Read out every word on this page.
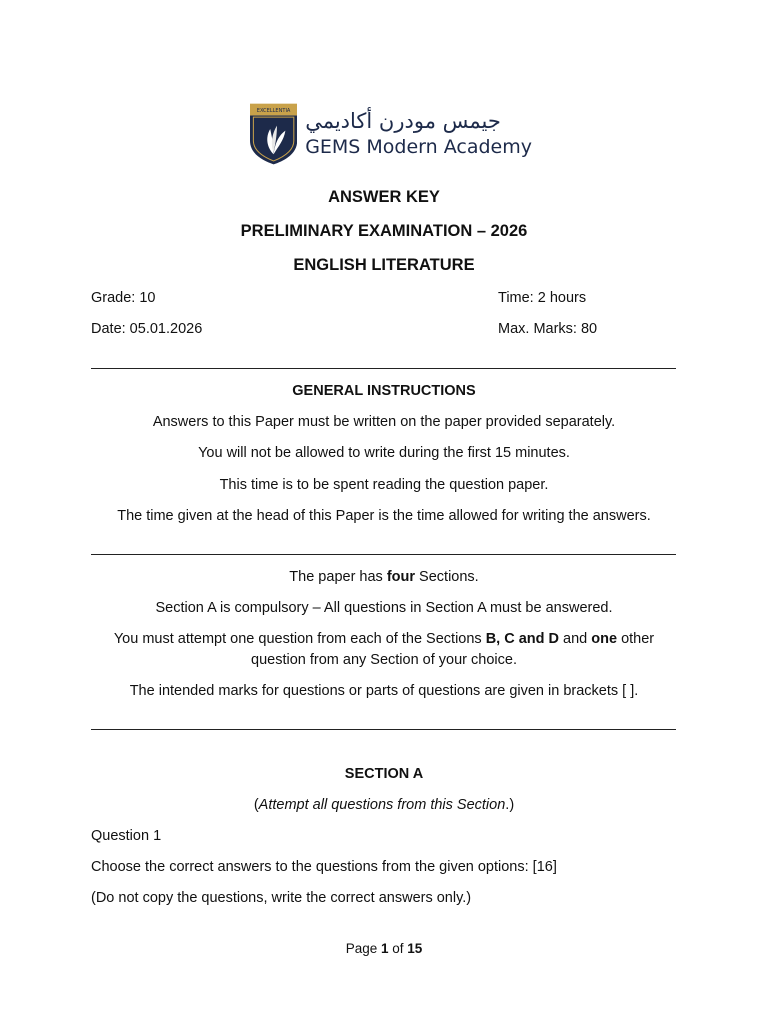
EXCELLENTIA جيمس مودرن أكاديمي
GEMS Modern Academy
ANSWER KEY
PRELIMINARY EXAMINATION – 2026
ENGLISH LITERATURE
Grade: 10	Time: 2 hours
Date: 05.01.2026	Max. Marks: 80
GENERAL INSTRUCTIONS
Answers to this Paper must be written on the paper provided separately.
You will not be allowed to write during the first 15 minutes.
This time is to be spent reading the question paper.
The time given at the head of this Paper is the time allowed for writing the answers.
The paper has four Sections.
Section A is compulsory – All questions in Section A must be answered.
You must attempt one question from each of the Sections B, C and D and one other
question from any Section of your choice.
The intended marks for questions or parts of questions are given in brackets [ ].
SECTION A
(Attempt all questions from this Section.)
Question 1
Choose the correct answers to the questions from the given options: [16]
(Do not copy the questions, write the correct answers only.)
Page 1 of 15
